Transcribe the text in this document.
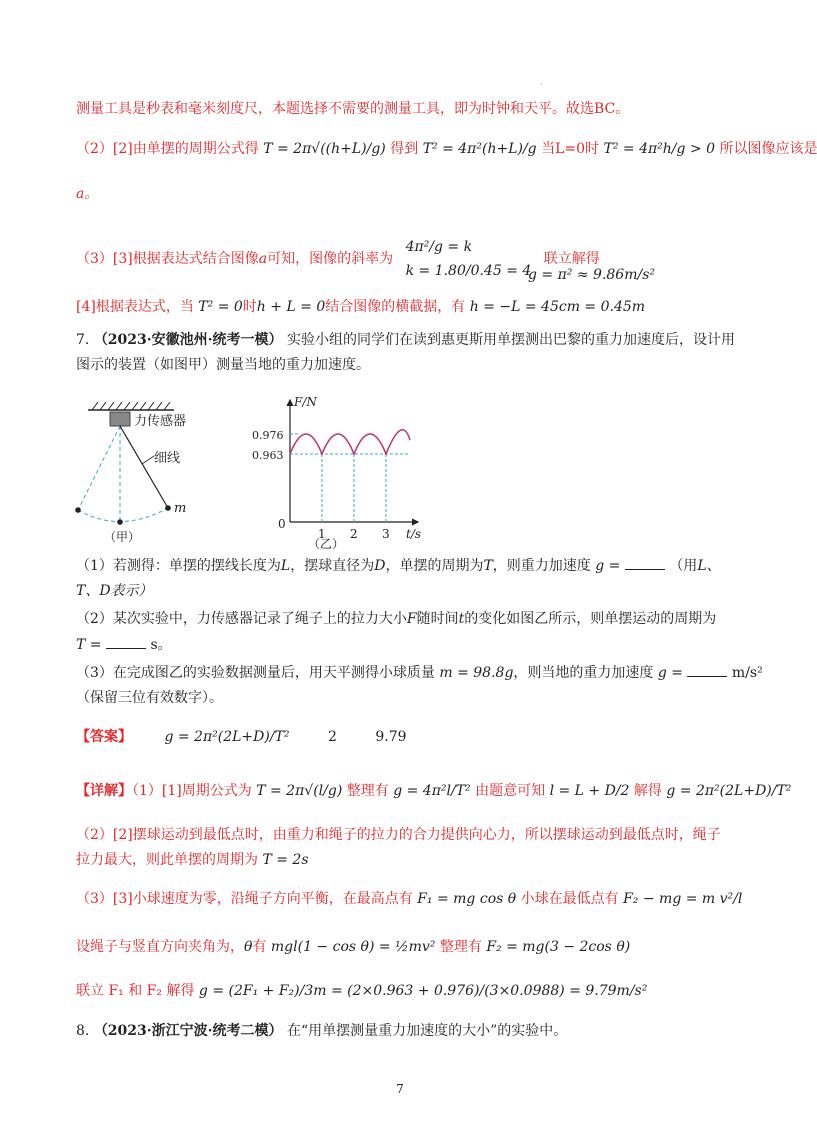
·
测量工具是秒表和毫米刻度尺，本题选择不需要的测量工具，即为时钟和天平。故选BC。
（2）[2]由单摆的周期公式得 T = 2π√((h+L)/g) 得到 T² = 4π²(h+L)/g 当L=0时 T² = 4π²h/g > 0 所以图像应该是
a。
（3）[3]根据表达式结合图像a可知，图像的斜率为
4π²/g = k
k = 1.80/0.45 = 4
联立解得
g = π² ≈ 9.86m/s²
[4]根据表达式，当 T² = 0时h + L = 0结合图像的横截据，有 h = −L = 45cm = 0.45m
7. （2023·安徽池州·统考一模） 实验小组的同学们在读到惠更斯用单摆测出巴黎的重力加速度后，设计用
图示的装置（如图甲）测量当地的重力加速度。
力传感器
细线
m
（甲）
F/N
t/s
0
0.976
0.963
1 2 3
（乙）
（1）若测得：单摆的摆线长度为L，摆球直径为D，单摆的周期为T，则重力加速度 g =	（用L、
T、D表示）
（2）某次实验中，力传感器记录了绳子上的拉力大小F随时间t的变化如图乙所示，则单摆运动的周期为
T =	s。
（3）在完成图乙的实验数据测量后，用天平测得小球质量 m = 98.8g，则当地的重力加速度 g =	m/s²
（保留三位有效数字）。
【答案】 g = 2π²(2L+D)/T²	2	9.79
【详解】（1）[1]周期公式为 T = 2π√(l/g) 整理有 g = 4π²l/T² 由题意可知 l = L + D/2 解得 g = 2π²(2L+D)/T²
（2）[2]摆球运动到最低点时，由重力和绳子的拉力的合力提供向心力，所以摆球运动到最低点时，绳子
拉力最大，则此单摆的周期为 T = 2s
（3）[3]小球速度为零，沿绳子方向平衡，在最高点有 F₁ = mg cos θ 小球在最低点有 F₂ − mg = m v²/l
设绳子与竖直方向夹角为，θ有 mgl(1 − cos θ) = ½mv² 整理有 F₂ = mg(3 − 2cos θ)
联立 F₁ 和 F₂ 解得 g = (2F₁ + F₂)/3m = (2×0.963 + 0.976)/(3×0.0988) = 9.79m/s²
8. （2023·浙江宁波·统考二模） 在“用单摆测量重力加速度的大小”的实验中。
7
